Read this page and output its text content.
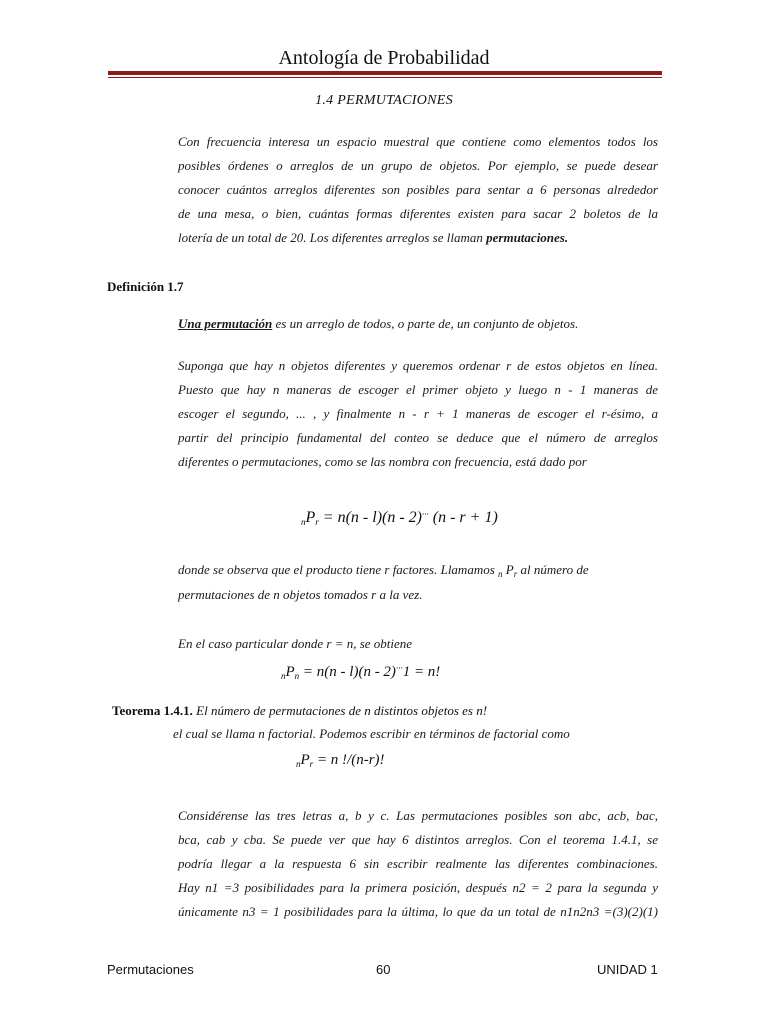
Antología de Probabilidad
1.4 PERMUTACIONES
Con frecuencia interesa un espacio muestral que contiene como elementos todos los
posibles órdenes o arreglos de un grupo de objetos. Por ejemplo, se puede desear
conocer cuántos arreglos diferentes son posibles para sentar a 6 personas alrededor
de una mesa, o bien, cuántas formas diferentes existen para sacar 2 boletos de la
lotería de un total de 20. Los diferentes arreglos se llaman permutaciones.
Definición 1.7
Una permutación es un arreglo de todos, o parte de, un conjunto de objetos.
Suponga que hay n objetos diferentes y queremos ordenar r de estos objetos en línea.
Puesto que hay n maneras de escoger el primer objeto y luego n - 1 maneras de
escoger el segundo, ... , y finalmente n - r + 1 maneras de escoger el r-ésimo, a
partir del principio fundamental del conteo se deduce que el número de arreglos
diferentes o permutaciones, como se las nombra con frecuencia, está dado por
$_nP_r = n(n - l)(n - 2)^{\cdot\cdot\cdot}$ (n - r + 1)
donde se observa que el producto tiene r factores. Llamamos $_n$ $P_r$ al número de
permutaciones de n objetos tomados r a la vez.
En el caso particular donde r = n, se obtiene
$_nP_n = n(n - l)(n - 2)^{\cdot\cdot\cdot}1 = n$!
Teorema 1.4.1. El número de permutaciones de n distintos objetos es n!
el cual se llama n factorial. Podemos escribir en términos de factorial como
$_nP_r = n$ !/(n-r)!
Considérense las tres letras a, b y c. Las permutaciones posibles son abc, acb, bac,
bca, cab y cba. Se puede ver que hay 6 distintos arreglos. Con el teorema 1.4.1, se
podría llegar a la respuesta 6 sin escribir realmente las diferentes combinaciones.
Hay n1 =3 posibilidades para la primera posición, después n2 = 2 para la segunda y
únicamente n3 = 1 posibilidades para la última, lo que da un total de n1n2n3 =(3)(2)(1)
Permutaciones	60	UNIDAD 1
